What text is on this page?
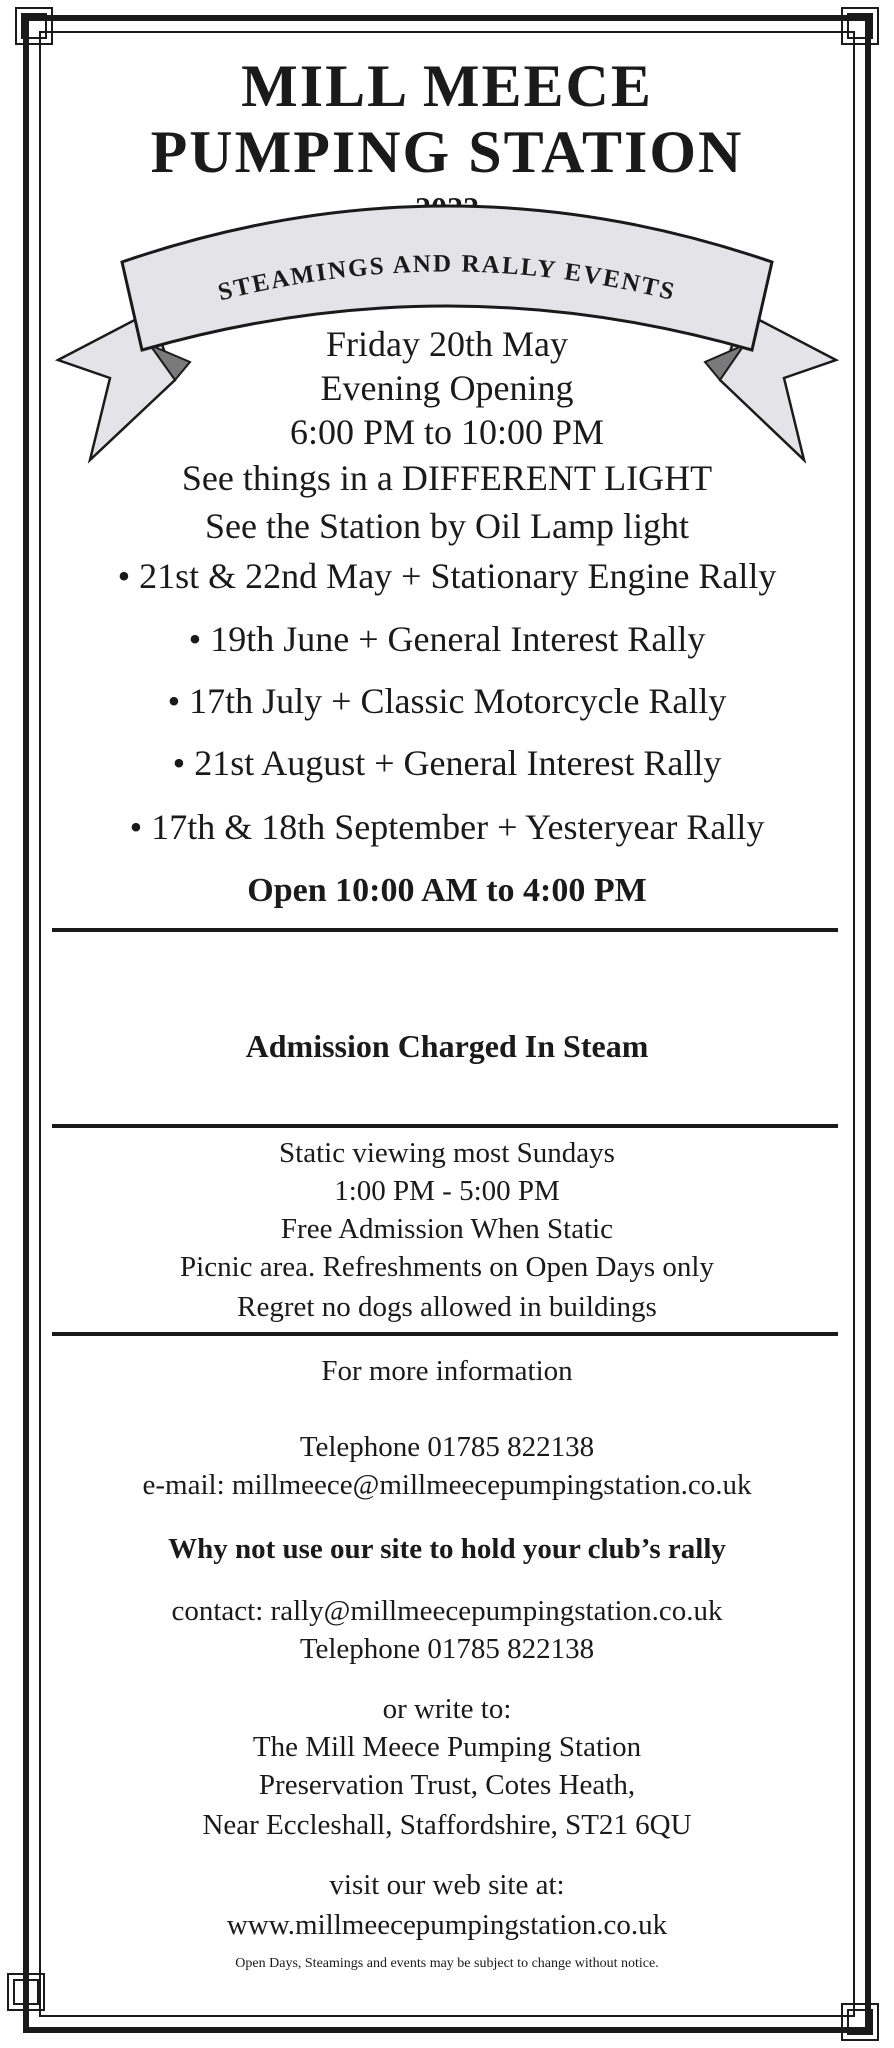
MILL MEECE
PUMPING STATION
STEAMINGS AND RALLY EVENTS
Friday 20th May
Evening Opening
6:00 PM to 10:00 PM
See things in a DIFFERENT LIGHT
See the Station by Oil Lamp light
• 21st & 22nd May + Stationary Engine Rally
• 19th June + General Interest Rally
• 17th July + Classic Motorcycle Rally
• 21st August + General Interest Rally
• 17th & 18th September + Yesteryear Rally
Open 10:00 AM to 4:00 PM
Admission Charged In Steam
Static viewing most Sundays
1:00 PM - 5:00 PM
Free Admission When Static
Picnic area. Refreshments on Open Days only
Regret no dogs allowed in buildings
For more information
Telephone 01785 822138
e-mail: millmeece@millmeecepumpingstation.co.uk
Why not use our site to hold your club’s rally
contact: rally@millmeecepumpingstation.co.uk
Telephone 01785 822138
or write to:
The Mill Meece Pumping Station
Preservation Trust, Cotes Heath,
Near Eccleshall, Staffordshire, ST21 6QU
visit our web site at:
www.millmeecepumpingstation.co.uk
Open Days, Steamings and events may be subject to change without notice.
